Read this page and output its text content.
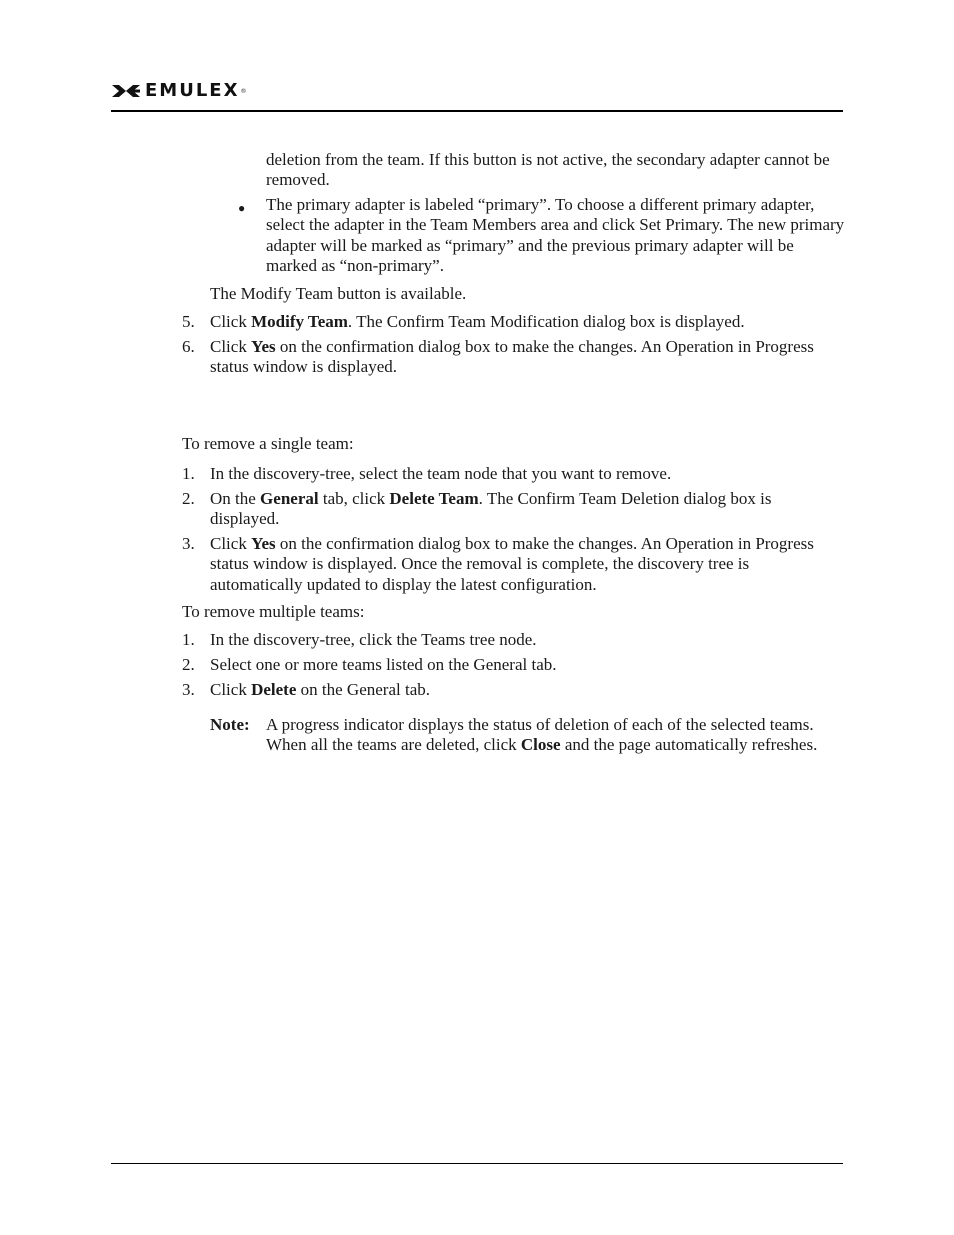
EMULEX ®
deletion from the team. If this button is not active, the secondary adapter cannot be removed.
● The primary adapter is labeled “primary”. To choose a different primary adapter, select the adapter in the Team Members area and click Set Primary. The new primary adapter will be marked as “primary” and the previous primary adapter will be marked as “non-primary”.
The Modify Team button is available.
5. Click Modify Team. The Confirm Team Modification dialog box is displayed.
6. Click Yes on the confirmation dialog box to make the changes. An Operation in Progress status window is displayed.
To remove a single team:
1. In the discovery-tree, select the team node that you want to remove.
2. On the General tab, click Delete Team. The Confirm Team Deletion dialog box is displayed.
3. Click Yes on the confirmation dialog box to make the changes. An Operation in Progress status window is displayed. Once the removal is complete, the discovery tree is automatically updated to display the latest configuration.
To remove multiple teams:
1. In the discovery-tree, click the Teams tree node.
2. Select one or more teams listed on the General tab.
3. Click Delete on the General tab.
Note: A progress indicator displays the status of deletion of each of the selected teams. When all the teams are deleted, click Close and the page automatically refreshes.
